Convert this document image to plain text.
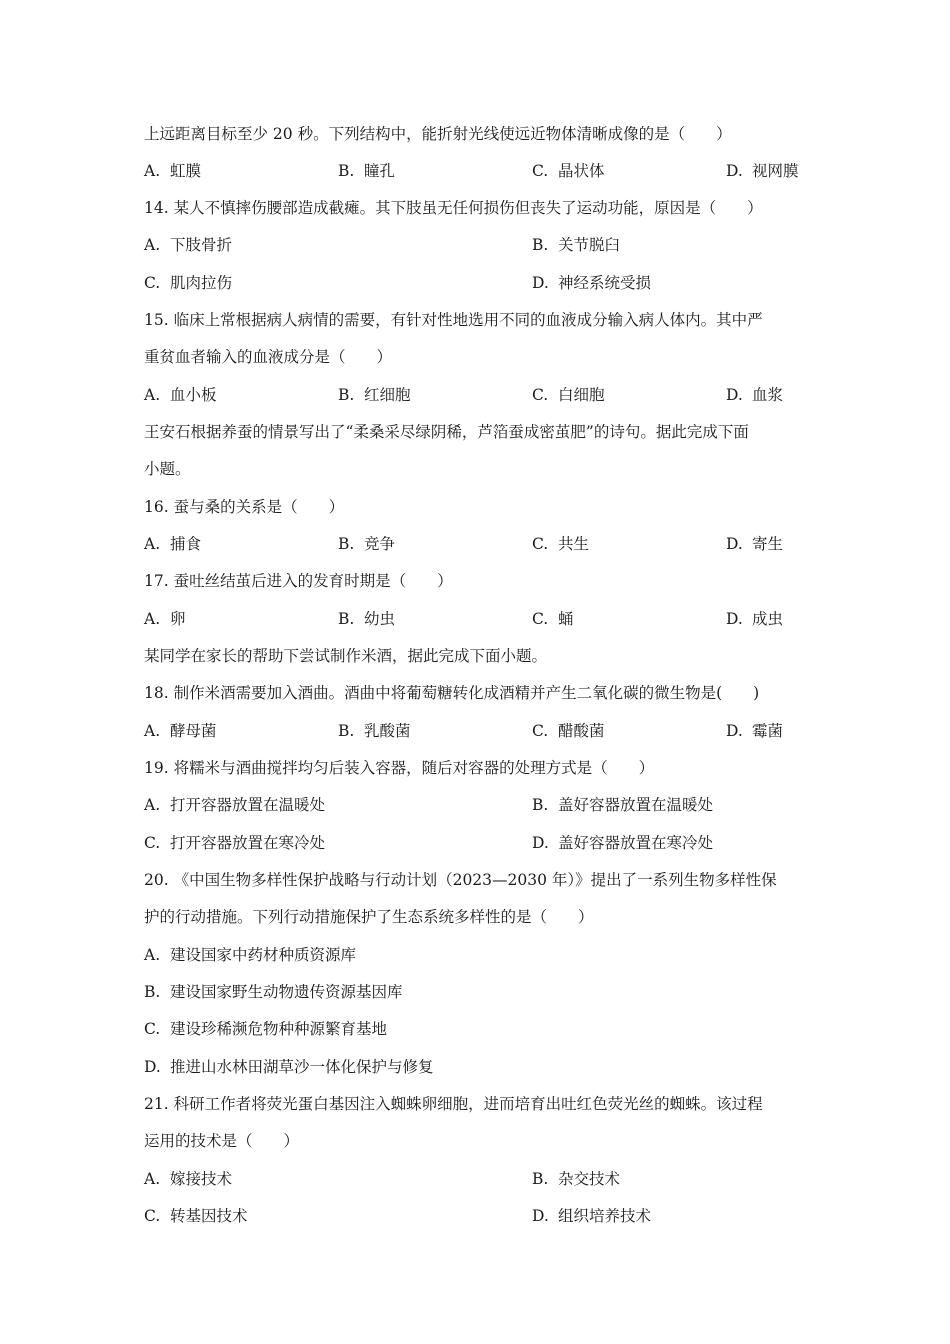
上远距离目标至少 20 秒。下列结构中，能折射光线使远近物体清晰成像的是（　　）
A. 虹膜	B. 瞳孔	C. 晶状体	D. 视网膜
14. 某人不慎摔伤腰部造成截瘫。其下肢虽无任何损伤但丧失了运动功能，原因是（　　）
A. 下肢骨折	B. 关节脱臼
C. 肌肉拉伤	D. 神经系统受损
15. 临床上常根据病人病情的需要，有针对性地选用不同的血液成分输入病人体内。其中严
重贫血者输入的血液成分是（　　）
A. 血小板	B. 红细胞	C. 白细胞	D. 血浆
王安石根据养蚕的情景写出了“柔桑采尽绿阴稀，芦箔蚕成密茧肥”的诗句。据此完成下面
小题。
16. 蚕与桑的关系是（　　）
A. 捕食	B. 竞争	C. 共生	D. 寄生
17. 蚕吐丝结茧后进入的发育时期是（　　）
A. 卵	B. 幼虫	C. 蛹	D. 成虫
某同学在家长的帮助下尝试制作米酒，据此完成下面小题。
18. 制作米酒需要加入酒曲。酒曲中将葡萄糖转化成酒精并产生二氧化碳的微生物是(　　)
A. 酵母菌	B. 乳酸菌	C. 醋酸菌	D. 霉菌
19. 将糯米与酒曲搅拌均匀后装入容器，随后对容器的处理方式是（　　）
A. 打开容器放置在温暖处	B. 盖好容器放置在温暖处
C. 打开容器放置在寒冷处	D. 盖好容器放置在寒冷处
20. 《中国生物多样性保护战略与行动计划（2023—2030 年）》提出了一系列生物多样性保
护的行动措施。下列行动措施保护了生态系统多样性的是（　　）
A. 建设国家中药材种质资源库
B. 建设国家野生动物遗传资源基因库
C. 建设珍稀濒危物种种源繁育基地
D. 推进山水林田湖草沙一体化保护与修复
21. 科研工作者将荧光蛋白基因注入蜘蛛卵细胞，进而培育出吐红色荧光丝的蜘蛛。该过程
运用的技术是（　　）
A. 嫁接技术	B. 杂交技术
C. 转基因技术	D. 组织培养技术
